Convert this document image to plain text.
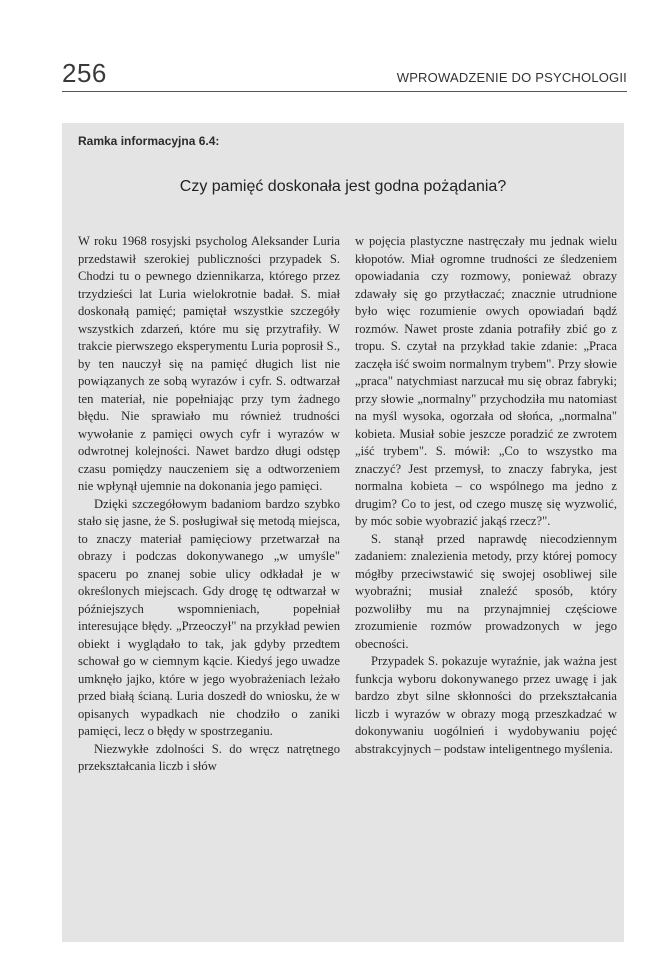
256	WPROWADZENIE DO PSYCHOLOGII
Ramka informacyjna 6.4:
Czy pamięć doskonała jest godna pożądania?

W roku 1968 rosyjski psycholog Aleksander Luria przedstawił szerokiej publiczności przypadek S. Chodzi tu o pewnego dziennikarza, którego przez trzydzieści lat Luria wielokrotnie badał. S. miał doskonałą pamięć; pamiętał wszystkie szczegóły wszystkich zdarzeń, które mu się przytrafiły. W trakcie pierwszego eksperymentu Luria poprosił S., by ten nauczył się na pamięć długich list nie powiązanych ze sobą wyrazów i cyfr. S. odtwarzał ten materiał, nie popełniając przy tym żadnego błędu. Nie sprawiało mu również trudności wywołanie z pamięci owych cyfr i wyrazów w odwrotnej kolejności. Nawet bardzo długi odstęp czasu pomiędzy nauczeniem się a odtworzeniem nie wpłynął ujemnie na dokonania jego pamięci.

Dzięki szczegółowym badaniom bardzo szybko stało się jasne, że S. posługiwał się metodą miejsca, to znaczy materiał pamięciowy przetwarzał na obrazy i podczas dokonywanego „w umyśle" spaceru po znanej sobie ulicy odkładał je w określonych miejscach. Gdy drogę tę odtwarzał w późniejszych wspomnieniach, popełniał interesujące błędy. „Przeoczył" na przykład pewien obiekt i wyglądało to tak, jak gdyby przedtem schował go w ciemnym kącie. Kiedyś jego uwadze umknęło jajko, które w jego wyobrażeniach leżało przed białą ścianą. Luria doszedł do wniosku, że w opisanych wypadkach nie chodziło o zaniki pamięci, lecz o błędy w spostrzeganiu.

Niezwykłe zdolności S. do wręcz natrętnego przekształcania liczb i słów

w pojęcia plastyczne nastręczały mu jednak wielu kłopotów. Miał ogromne trudności ze śledzeniem opowiadania czy rozmowy, ponieważ obrazy zdawały się go przytłaczać; znacznie utrudnione było więc rozumienie owych opowiadań bądź rozmów. Nawet proste zdania potrafiły zbić go z tropu. S. czytał na przykład takie zdanie: „Praca zaczęła iść swoim normalnym trybem". Przy słowie „praca" natychmiast narzucał mu się obraz fabryki; przy słowie „normalny" przychodziła mu natomiast na myśl wysoka, ogorzała od słońca, „normalna" kobieta. Musiał sobie jeszcze poradzić ze zwrotem „iść trybem". S. mówił: „Co to wszystko ma znaczyć? Jest przemysł, to znaczy fabryka, jest normalna kobieta – co wspólnego ma jedno z drugim? Co to jest, od czego muszę się wyzwolić, by móc sobie wyobrazić jakąś rzecz?".

S. stanął przed naprawdę niecodziennym zadaniem: znalezienia metody, przy której pomocy mógłby przeciwstawić się swojej osobliwej sile wyobraźni; musiał znaleźć sposób, który pozwoliłby mu na przynajmniej częściowe zrozumienie rozmów prowadzonych w jego obecności.

Przypadek S. pokazuje wyraźnie, jak ważna jest funkcja wyboru dokonywanego przez uwagę i jak bardzo zbyt silne skłonności do przekształcania liczb i wyrazów w obrazy mogą przeszkadzać w dokonywaniu uogólnień i wydobywaniu pojęć abstrakcyjnych – podstaw inteligentnego myślenia.
